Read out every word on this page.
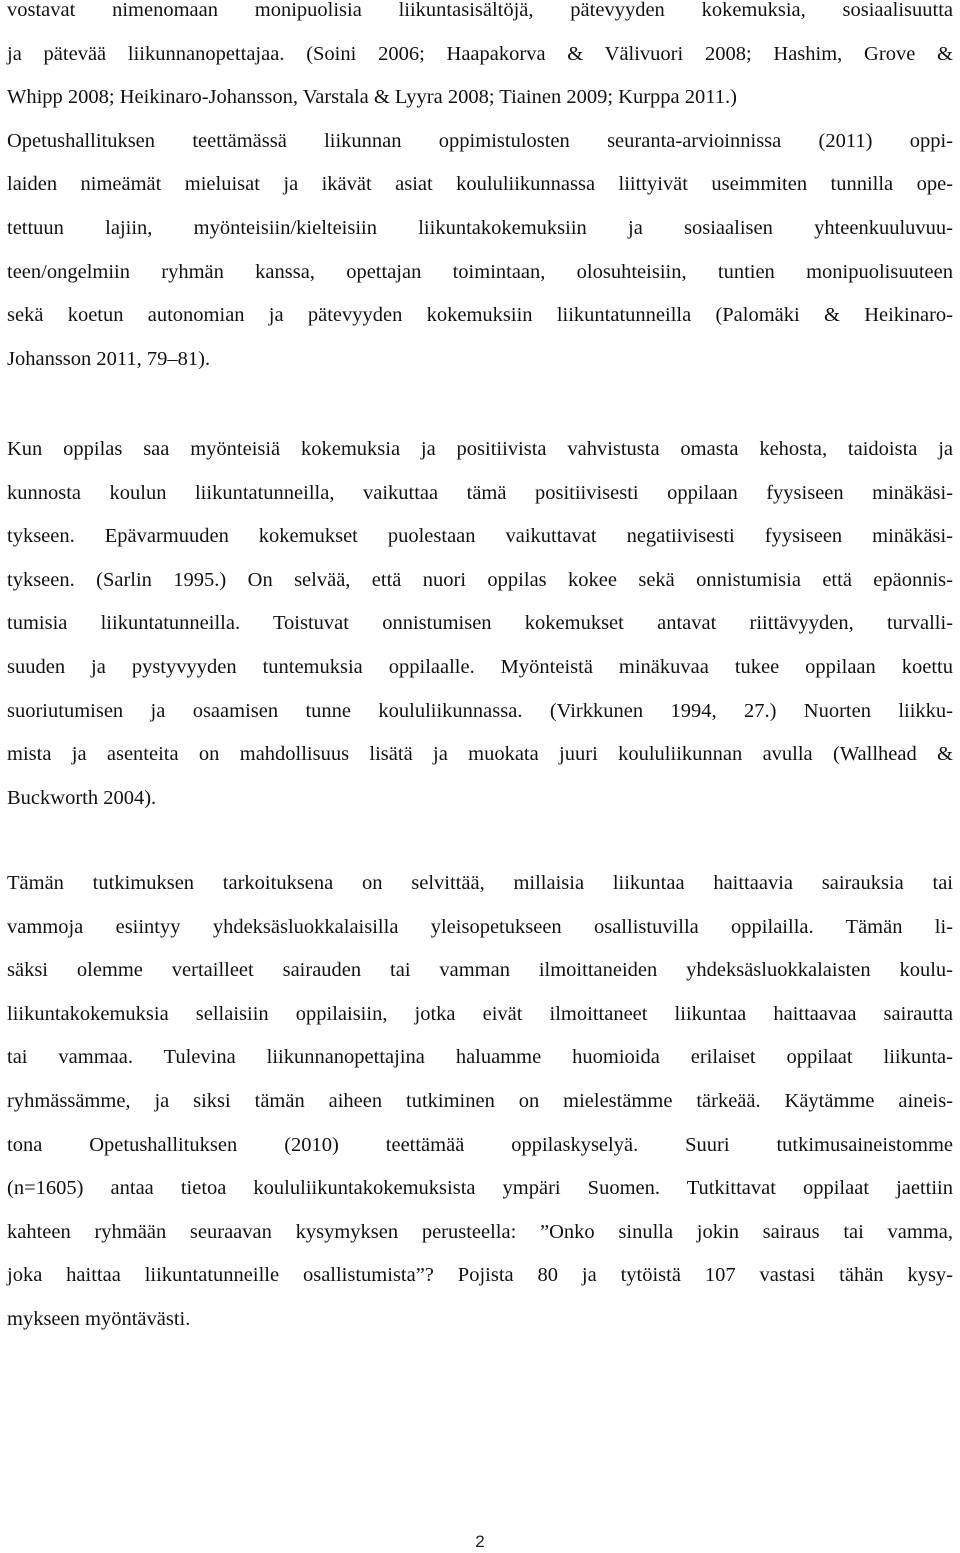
vostavat nimenomaan monipuolisia liikuntasisältöjä, pätevyyden kokemuksia, sosiaalisuutta
ja pätevää liikunnanopettajaa. (Soini 2006; Haapakorva & Välivuori 2008; Hashim, Grove &
Whipp 2008; Heikinaro-Johansson, Varstala & Lyyra 2008; Tiainen 2009; Kurppa 2011.)
Opetushallituksen teettämässä liikunnan oppimistulosten seuranta-arvioinnissa (2011) oppi-
laiden nimeämät mieluisat ja ikävät asiat koululiikunnassa liittyivät useimmiten tunnilla ope-
tettuun lajiin, myönteisiin/kielteisiin liikuntakokemuksiin ja sosiaalisen yhteenkuuluvuu-
teen/ongelmiin ryhmän kanssa, opettajan toimintaan, olosuhteisiin, tuntien monipuolisuuteen
sekä koetun autonomian ja pätevyyden kokemuksiin liikuntatunneilla (Palomäki & Heikinaro-
Johansson 2011, 79–81).
Kun oppilas saa myönteisiä kokemuksia ja positiivista vahvistusta omasta kehosta, taidoista ja
kunnosta koulun liikuntatunneilla, vaikuttaa tämä positiivisesti oppilaan fyysiseen minäkäsi-
tykseen. Epävarmuuden kokemukset puolestaan vaikuttavat negatiivisesti fyysiseen minäkäsi-
tykseen. (Sarlin 1995.) On selvää, että nuori oppilas kokee sekä onnistumisia että epäonnis-
tumisia liikuntatunneilla. Toistuvat onnistumisen kokemukset antavat riittävyyden, turvalli-
suuden ja pystyvyyden tuntemuksia oppilaalle. Myönteistä minäkuvaa tukee oppilaan koettu
suoriutumisen ja osaamisen tunne koululiikunnassa. (Virkkunen 1994, 27.) Nuorten liikku-
mista ja asenteita on mahdollisuus lisätä ja muokata juuri koululiikunnan avulla (Wallhead &
Buckworth 2004).
Tämän tutkimuksen tarkoituksena on selvittää, millaisia liikuntaa haittaavia sairauksia tai
vammoja esiintyy yhdeksäsluokkalaisilla yleisopetukseen osallistuvilla oppilailla. Tämän li-
säksi olemme vertailleet sairauden tai vamman ilmoittaneiden yhdeksäsluokkalaisten koulu-
liikuntakokemuksia sellaisiin oppilaisiin, jotka eivät ilmoittaneet liikuntaa haittaavaa sairautta
tai vammaa. Tulevina liikunnanopettajina haluamme huomioida erilaiset oppilaat liikunta-
ryhmässämme, ja siksi tämän aiheen tutkiminen on mielestämme tärkeää. Käytämme aineis-
tona Opetushallituksen (2010) teettämää oppilaskyselyä. Suuri tutkimusaineistomme
(n=1605) antaa tietoa koululiikuntakokemuksista ympäri Suomen. Tutkittavat oppilaat jaettiin
kahteen ryhmään seuraavan kysymyksen perusteella: ”Onko sinulla jokin sairaus tai vamma,
joka haittaa liikuntatunneille osallistumista”? Pojista 80 ja tytöistä 107 vastasi tähän kysy-
mykseen myöntävästi.
2
